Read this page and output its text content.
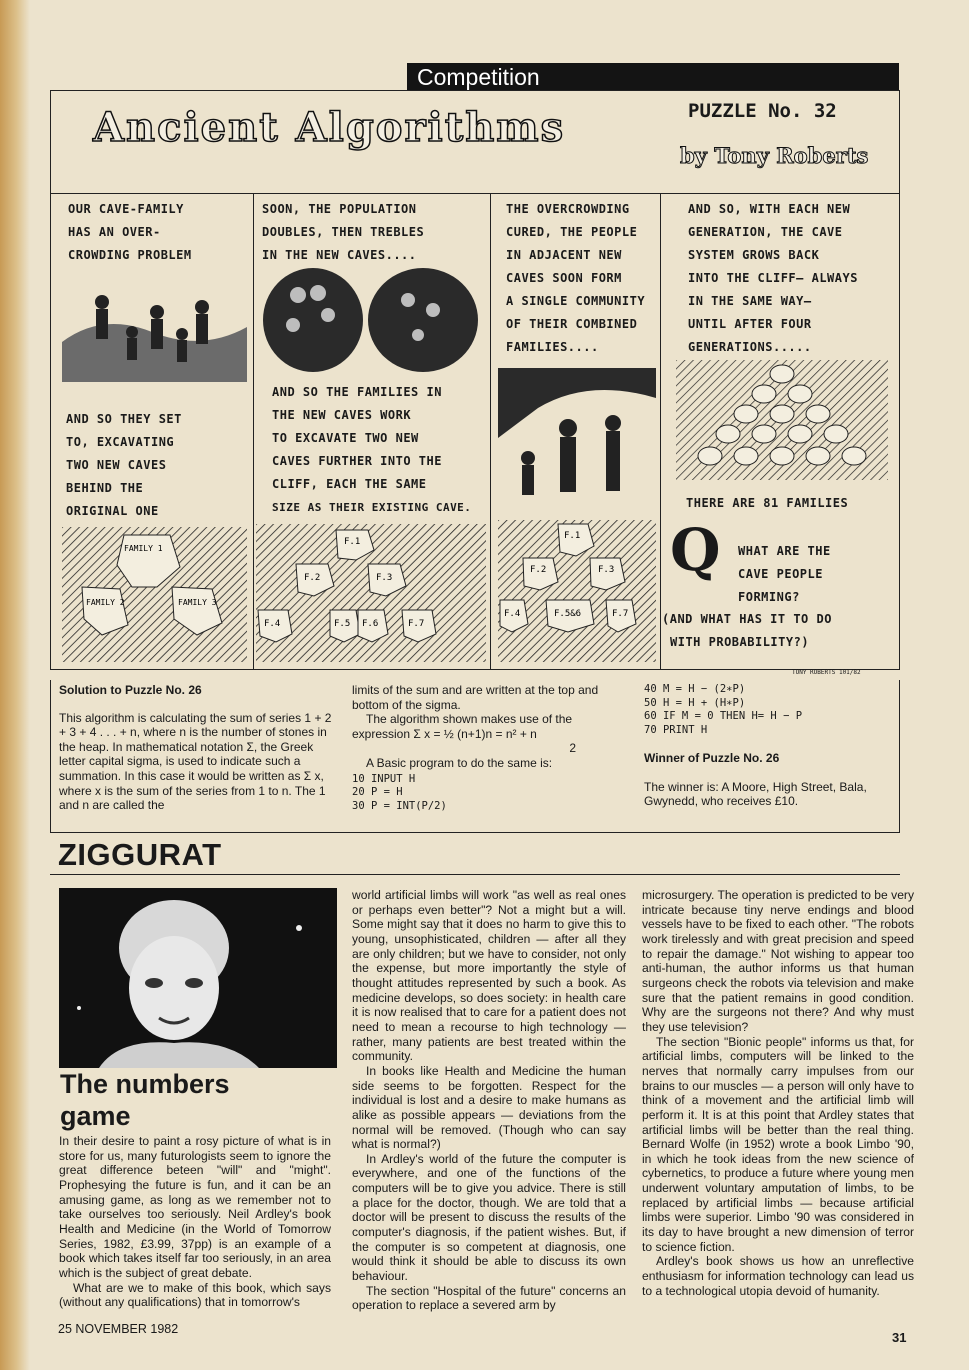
Competition
Ancient Algorithms	PUZZLE No. 32
by Tony Roberts
OUR CAVE-FAMILY
HAS AN OVER-
CROWDING PROBLEM
AND SO THEY SET
TO, EXCAVATING
TWO NEW CAVES
BEHIND THE
ORIGINAL ONE
FAMILY 1
FAMILY 2	FAMILY 3
SOON, THE POPULATION
DOUBLES, THEN TREBLES
IN THE NEW CAVES....
AND SO THE FAMILIES IN
THE NEW CAVES WORK
TO EXCAVATE TWO NEW
CAVES FURTHER INTO THE
CLIFF, EACH THE SAME
SIZE AS THEIR EXISTING CAVE.
F.1
F.2	F.3
F.4	F.5 F.6	F.7
THE OVERCROWDING
CURED, THE PEOPLE
IN ADJACENT NEW
CAVES SOON FORM
A SINGLE COMMUNITY
OF THEIR COMBINED
FAMILIES....
F.1
F.2	F.3
F.4	F.5&6	F.7
AND SO, WITH EACH NEW
GENERATION, THE CAVE
SYSTEM GROWS BACK
INTO THE CLIFF— ALWAYS
IN THE SAME WAY—
UNTIL AFTER FOUR
GENERATIONS.....
THERE ARE 81 FAMILIES
Q WHAT ARE THE
CAVE PEOPLE
FORMING?
(AND WHAT HAS IT TO DO
WITH PROBABILITY?)
TONY ROBERTS 101/82

Solution to Puzzle No. 26

This algorithm is calculating the sum of series 1 + 2 + 3 + 4 . . . + n, where n is the number of stones in the heap. In mathematical notation Σ, the Greek letter capital sigma, is used to indicate such a summation. In this case it would be written as Σ x, where x is the sum of the series from 1 to n. The 1 and n are called the

limits of the sum and are written at the top and bottom of the sigma.

The algorithm shown makes use of the expression Σ x = ½ (n+1)n = n² + n

2

A Basic program to do the same is:

10 INPUT H
20 P = H
30 P = INT(P/2)
40 M = H − (2∗P)
50 H = H + (H∗P)
60 IF M = 0 THEN H= H − P
70 PRINT H

Winner of Puzzle No. 26

The winner is: A Moore, High Street, Bala, Gwynedd, who receives £10.

ZIGGURAT
The numbers game

In their desire to paint a rosy picture of what is in store for us, many futurologists seem to ignore the great difference beteen "will" and "might". Prophesying the future is fun, and it can be an amusing game, as long as we remember not to take ourselves too seriously. Neil Ardley's book Health and Medicine (in the World of Tomorrow Series, 1982, £3.99, 37pp) is an example of a book which takes itself far too seriously, in an area which is the subject of great debate.

What are we to make of this book, which says (without any qualifications) that in tomorrow's

world artificial limbs will work "as well as real ones or perhaps even better"? Not a might but a will. Some might say that it does no harm to give this to young, unsophisticated, children — after all they are only children; but we have to consider, not only the expense, but more importantly the style of thought attitudes represented by such a book. As medicine develops, so does society: in health care it is now realised that to care for a patient does not need to mean a recourse to high technology — rather, many patients are best treated within the community.

In books like Health and Medicine the human side seems to be forgotten. Respect for the individual is lost and a desire to make humans as alike as possible appears — deviations from the normal will be removed. (Though who can say what is normal?)

In Ardley's world of the future the computer is everywhere, and one of the functions of the computers will be to give you advice. There is still a place for the doctor, though. We are told that a doctor will be present to discuss the results of the computer's diagnosis, if the patient wishes. But, if the computer is so competent at diagnosis, one would think it should be able to discuss its own behaviour.

The section "Hospital of the future" concerns an operation to replace a severed arm by

microsurgery. The operation is predicted to be very intricate because tiny nerve endings and blood vessels have to be fixed to each other. "The robots work tirelessly and with great precision and speed to repair the damage." Not wishing to appear too anti-human, the author informs us that human surgeons check the robots via television and make sure that the patient remains in good condition. Why are the surgeons not there? And why must they use television?

The section "Bionic people" informs us that, for artificial limbs, computers will be linked to the nerves that normally carry impulses from our brains to our muscles — a person will only have to think of a movement and the artificial limb will perform it. It is at this point that Ardley states that artificial limbs will be better than the real thing. Bernard Wolfe (in 1952) wrote a book Limbo '90, in which he took ideas from the new science of cybernetics, to produce a future where young men underwent voluntary amputation of limbs, to be replaced by artificial limbs — because artificial limbs were superior. Limbo '90 was considered in its day to have brought a new dimension of terror to science fiction.

Ardley's book shows us how an unreflective enthusiasm for information technology can lead us to a technological utopia devoid of humanity.

25 NOVEMBER 1982
31
